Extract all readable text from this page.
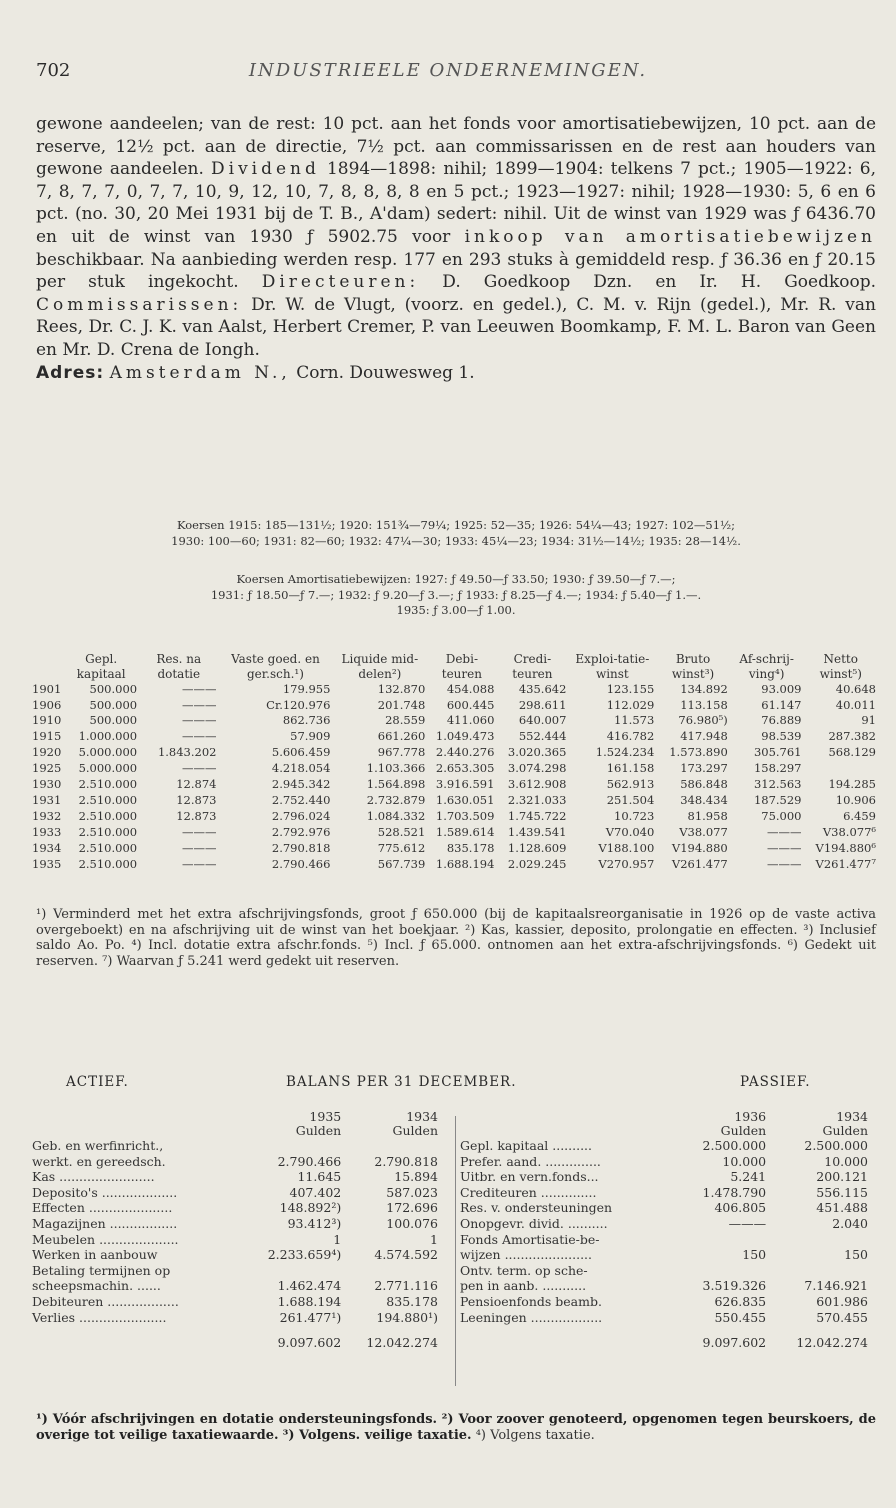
702	INDUSTRIEELE ONDERNEMINGEN.

gewone aandeelen; van de rest: 10 pct. aan het fonds voor amortisatiebewijzen, 10 pct. aan de reserve, 12½ pct. aan de directie, 7½ pct. aan commissarissen en de rest aan houders van gewone aandeelen. Dividend 1894—1898: nihil; 1899—1904: telkens 7 pct.; 1905—1922: 6, 7, 8, 7, 7, 0, 7, 7, 10, 9, 12, 10, 7, 8, 8, 8, 8 en 5 pct.; 1923—1927: nihil; 1928—1930: 5, 6 en 6 pct. (no. 30, 20 Mei 1931 bij de T. B., A'dam) sedert: nihil. Uit de winst van 1929 was ƒ 6436.70 en uit de winst van 1930 ƒ 5902.75 voor inkoop van amortisatiebewijzen beschikbaar. Na aanbieding werden resp. 177 en 293 stuks à gemiddeld resp. ƒ 36.36 en ƒ 20.15 per stuk ingekocht. Directeuren: D. Goedkoop Dzn. en Ir. H. Goedkoop. Commissarissen: Dr. W. de Vlugt, (voorz. en gedel.), C. M. v. Rijn (gedel.), Mr. R. van Rees, Dr. C. J. K. van Aalst, Herbert Cremer, P. van Leeuwen Boomkamp, F. M. L. Baron van Geen en Mr. D. Crena de Iongh.
Adres: Amsterdam N., Corn. Douwesweg 1.

Koersen 1915: 185—131½; 1920: 151¾—79¼; 1925: 52—35; 1926: 54¼—43; 1927: 102—51½;
1930: 100—60; 1931: 82—60; 1932: 47¼—30; 1933: 45¼—23; 1934: 31½—14½; 1935: 28—14½.
Koersen Amortisatiebewijzen: 1927: ƒ 49.50—ƒ 33.50; 1930: ƒ 39.50—ƒ 7.—;
1931: ƒ 18.50—ƒ 7.—; 1932: ƒ 9.20—ƒ 3.—; ƒ 1933: ƒ 8.25—ƒ 4.—; 1934: ƒ 5.40—ƒ 1.—.
1935: ƒ 3.00—ƒ 1.00.
	Gepl. kapitaal	Res. na dotatie	Vaste goed. en ger.sch.¹)	Liquide mid-delen²)	Debi-teuren	Credi-teuren	Exploi-tatie-winst	Bruto winst³)	Af-schrij-ving⁴)	Netto winst⁵)
1901	500.000	———	179.955	132.870	454.088	435.642	123.155	134.892	93.009	40.648
1906	500.000	———	Cr.120.976	201.748	600.445	298.611	112.029	113.158	61.147	40.011
1910	500.000	———	862.736	28.559	411.060	640.007	11.573	76.980⁵)	76.889	91
1915	1.000.000	———	57.909	661.260	1.049.473	552.444	416.782	417.948	98.539	287.382
1920	5.000.000	1.843.202	5.606.459	967.778	2.440.276	3.020.365	1.524.234	1.573.890	305.761	568.129
1925	5.000.000	———	4.218.054	1.103.366	2.653.305	3.074.298	161.158	173.297	158.297	
1930	2.510.000	12.874	2.945.342	1.564.898	3.916.591	3.612.908	562.913	586.848	312.563	194.285
1931	2.510.000	12.873	2.752.440	2.732.879	1.630.051	2.321.033	251.504	348.434	187.529	10.906
1932	2.510.000	12.873	2.796.024	1.084.332	1.703.509	1.745.722	10.723	81.958	75.000	6.459
1933	2.510.000	———	2.792.976	528.521	1.589.614	1.439.541	V70.040	V38.077	———	V38.077⁶
1934	2.510.000	———	2.790.818	775.612	835.178	1.128.609	V188.100	V194.880	———	V194.880⁶
1935	2.510.000	———	2.790.466	567.739	1.688.194	2.029.245	V270.957	V261.477	———	V261.477⁷
¹) Verminderd met het extra afschrijvingsfonds, groot ƒ 650.000 (bij de kapitaalsreorganisatie in 1926 op de vaste activa overgeboekt) en na afschrijving uit de winst van het boekjaar. ²) Kas, kassier, deposito, prolongatie en effecten. ³) Inclusief saldo Ao. Po. ⁴) Incl. dotatie extra afschr.fonds. ⁵) Incl. ƒ 65.000. ontnomen aan het extra-afschrijvingsfonds. ⁶) Gedekt uit reserven. ⁷) Waarvan ƒ 5.241 werd gedekt uit reserven.
ACTIEF.	BALANS PER 31 DECEMBER.	PASSIEF.
	1935	1934
	Gulden	Gulden
Geb. en werfinricht.,		
werkt. en gereedsch.	2.790.466	2.790.818
Kas ........................	11.645	15.894
Deposito's ...................	407.402	587.023
Effecten .....................	148.892²)	172.696
Magazijnen .................	93.412³)	100.076
Meubelen ....................	1	1
Werken in aanbouw	2.233.659⁴)	4.574.592
Betaling termijnen op		
scheepsmachin. ......	1.462.474	2.771.116
Debiteuren ..................	1.688.194	835.178
Verlies ......................	261.477¹)	194.880¹)
	9.097.602	12.042.274
	1936	1934
	Gulden	Gulden
Gepl. kapitaal ..........	2.500.000	2.500.000
Prefer. aand. ..............	10.000	10.000
Uitbr. en vern.fonds...	5.241	200.121
Crediteuren ..............	1.478.790	556.115
Res. v. ondersteuningen	406.805	451.488
Onopgevr. divid. ..........	———	2.040
Fonds Amortisatie-be-		
wijzen ......................	150	150
Ontv. term. op sche-		
pen in aanb. ...........	3.519.326	7.146.921
Pensioenfonds beamb.	626.835	601.986
Leeningen ..................	550.455	570.455
	9.097.602	12.042.274
¹) Vóór afschrijvingen en dotatie ondersteuningsfonds. ²) Voor zoover genoteerd, opgenomen tegen beurskoers, de overige tot veilige taxatiewaarde. ³) Volgens. veilige taxatie. ⁴) Volgens taxatie.
